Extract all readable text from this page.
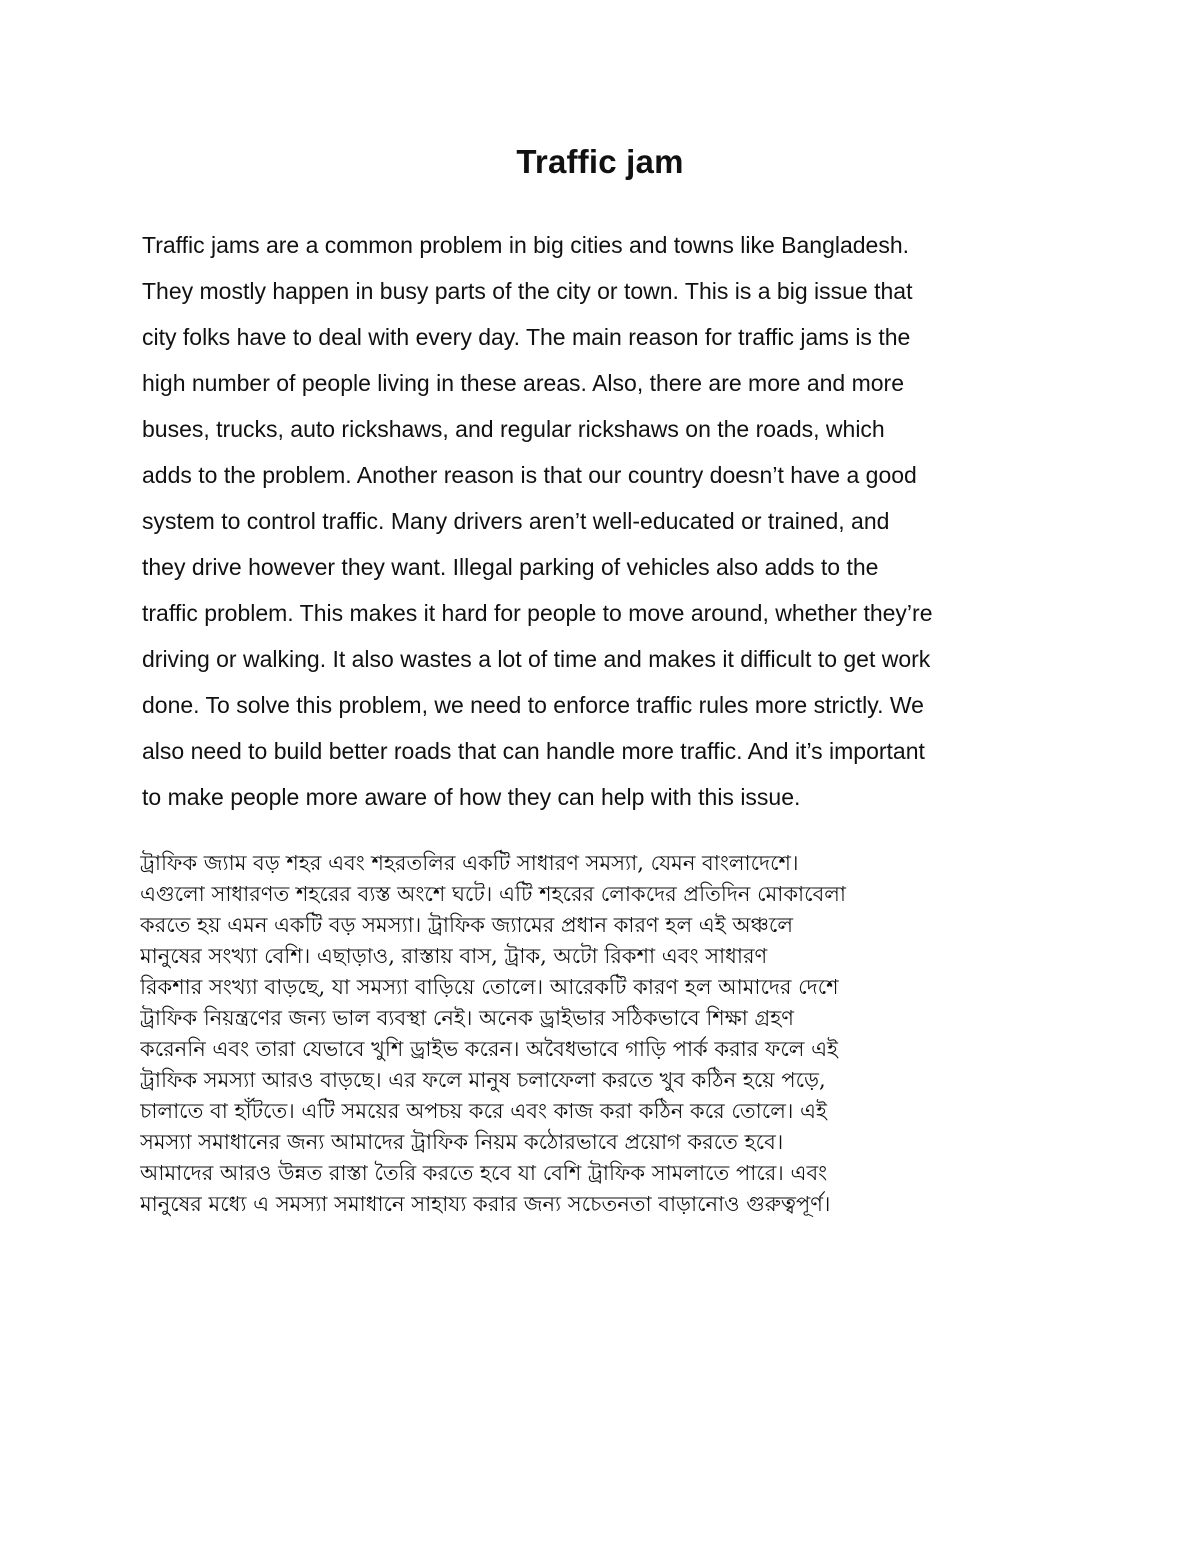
Traffic jam
Traffic jams are a common problem in big cities and towns like Bangladesh.
They mostly happen in busy parts of the city or town. This is a big issue that
city folks have to deal with every day. The main reason for traffic jams is the
high number of people living in these areas. Also, there are more and more
buses, trucks, auto rickshaws, and regular rickshaws on the roads, which
adds to the problem. Another reason is that our country doesn’t have a good
system to control traffic. Many drivers aren’t well-educated or trained, and
they drive however they want. Illegal parking of vehicles also adds to the
traffic problem. This makes it hard for people to move around, whether they’re
driving or walking. It also wastes a lot of time and makes it difficult to get work
done. To solve this problem, we need to enforce traffic rules more strictly. We
also need to build better roads that can handle more traffic. And it’s important
to make people more aware of how they can help with this issue.
ট্রাফিক জ্যাম বড় শহর এবং শহরতলির একটি সাধারণ সমস্যা, যেমন বাংলাদেশে।
এগুলো সাধারণত শহরের ব্যস্ত অংশে ঘটে। এটি শহরের লোকদের প্রতিদিন মোকাবেলা
করতে হয় এমন একটি বড় সমস্যা। ট্রাফিক জ্যামের প্রধান কারণ হল এই অঞ্চলে
মানুষের সংখ্যা বেশি। এছাড়াও, রাস্তায় বাস, ট্রাক, অটো রিকশা এবং সাধারণ
রিকশার সংখ্যা বাড়ছে, যা সমস্যা বাড়িয়ে তোলে। আরেকটি কারণ হল আমাদের দেশে
ট্রাফিক নিয়ন্ত্রণের জন্য ভাল ব্যবস্থা নেই। অনেক ড্রাইভার সঠিকভাবে শিক্ষা গ্রহণ
করেননি এবং তারা যেভাবে খুশি ড্রাইভ করেন। অবৈধভাবে গাড়ি পার্ক করার ফলে এই
ট্রাফিক সমস্যা আরও বাড়ছে। এর ফলে মানুষ চলাফেলা করতে খুব কঠিন হয়ে পড়ে,
চালাতে বা হাঁটতে। এটি সময়ের অপচয় করে এবং কাজ করা কঠিন করে তোলে। এই
সমস্যা সমাধানের জন্য আমাদের ট্রাফিক নিয়ম কঠোরভাবে প্রয়োগ করতে হবে।
আমাদের আরও উন্নত রাস্তা তৈরি করতে হবে যা বেশি ট্রাফিক সামলাতে পারে। এবং
মানুষের মধ্যে এ সমস্যা সমাধানে সাহায্য করার জন্য সচেতনতা বাড়ানোও গুরুত্বপূর্ণ।
